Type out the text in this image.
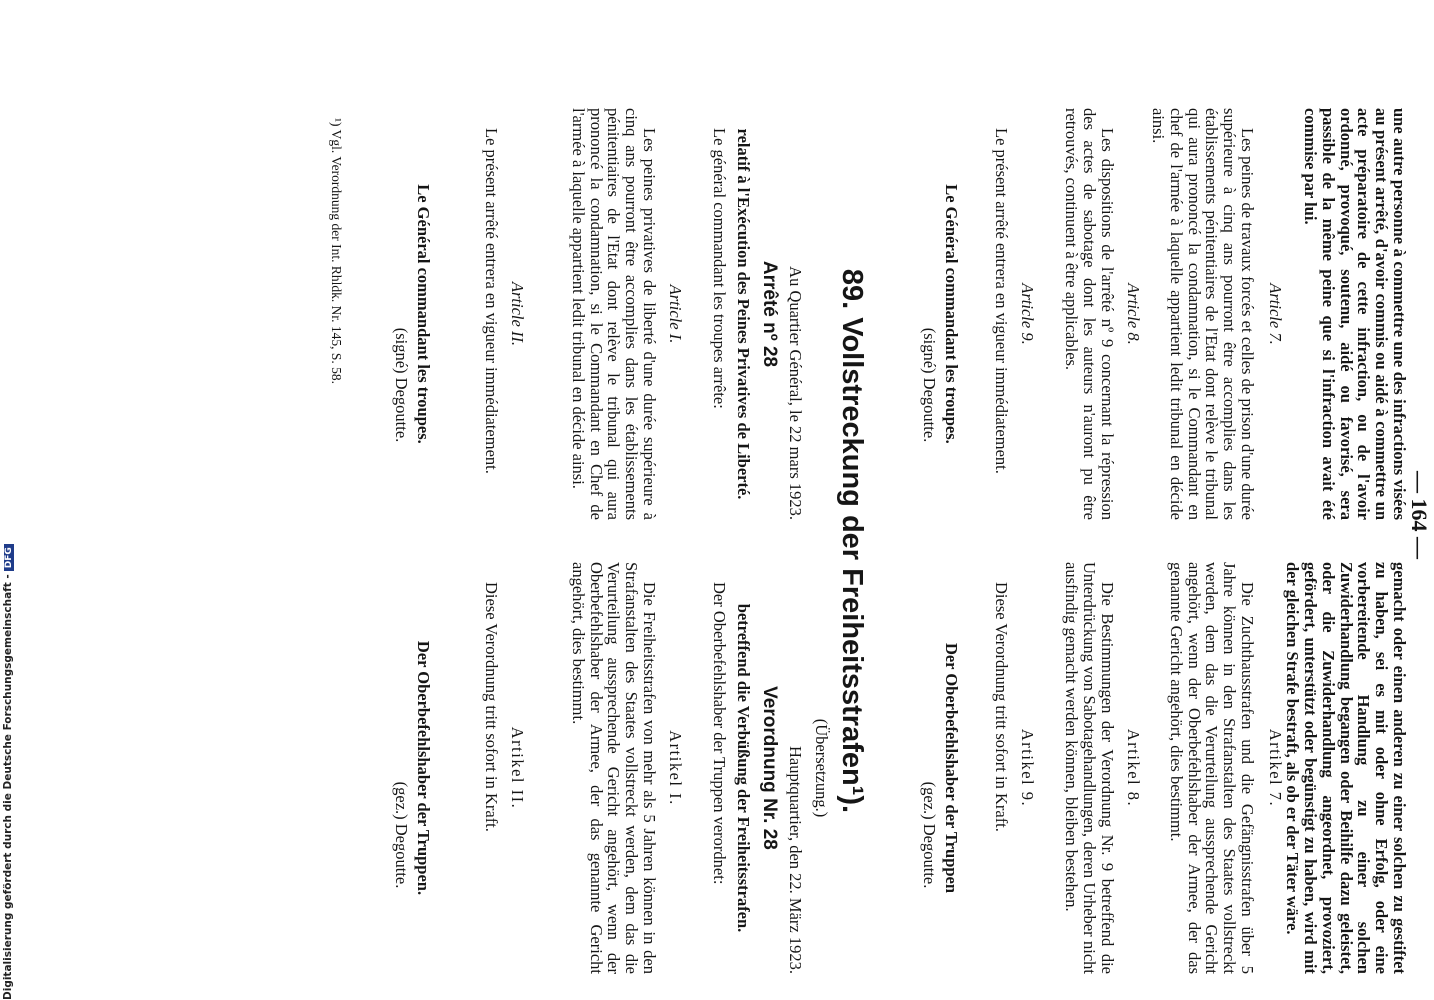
— 164 —

une autre personne à commettre une des infractions visées au présent arrêté, d'avoir commis ou aidé à commettre un acte préparatoire de cette infraction, ou de l'avoir ordonné, provoqué, soutenu, aidé ou favorisé, sera passible de la même peine que si l'infraction avait été commise par lui.

gemacht oder einen anderen zu einer solchen zu gestiftet zu haben, sei es mit oder ohne Erfolg, oder eine vorbereitende Handlung zu einer solchen Zuwiderhandlung begangen oder Beihilfe dazu geleistet, oder die Zuwiderhandlung angeordnet, provoziert, gefördert, unterstützt oder begünstigt zu haben, wird mit der gleichen Strafe bestraft, als ob er der Täter wäre.

Article 7.
Artikel 7.

Les peines de travaux forcés et celles de prison d'une durée supérieure à cinq ans pourront être accomplies dans les établissements pénitentiaires de l'Etat dont relève le tribunal qui aura prononcé la condamnation, si le Commandant en chef de l'armée à laquelle appartient ledit tribunal en décide ainsi.

Die Zuchthausstrafen und die Gefängnisstrafen über 5 Jahre können in den Strafanstalten des Staates vollstreckt werden, dem das die Verurteilung aussprechende Gericht angehört, wenn der Oberbefehlshaber der Armee, der das genannte Gericht angehört, dies bestimmt.

Article 8.
Artikel 8.

Les dispositions de l'arrêté nº 9 concernant la répression des actes de sabotage dont les auteurs n'auront pu être retrouvés, continuent à être applicables.

Die Bestimmungen der Verordnung Nr. 9 betreffend die Unterdrückung von Sabotagehandlungen, deren Urheber nicht ausfindig gemacht werden können, bleiben bestehen.

Article 9.
Artikel 9.

Le présent arrêté entrera en vigueur immédiatement.

Diese Verordnung tritt sofort in Kraft.

Le Général commandant les troupes.
(signé) Degoutte.
Der Oberbefehlshaber der Truppen
(gez.) Degoutte.
89. Vollstreckung der Freiheitsstrafen¹).
(Übersetzung.)
Au Quartier Général, le 22 mars 1923.
Hauptquartier, den 22. März 1923.
Arrêté nº 28
Verordnung Nr. 28
relatif à l'Exécution des Peines Privatives de Liberté.
betreffend die Verbüßung der Freiheitsstrafen.
Le général commandant les troupes arrête:
Der Oberbefehlshaber der Truppen verordnet:
Article I.
Artikel I.

Les peines privatives de liberté d'une durée supérieure à cinq ans pourront être accomplies dans les établissements pénitentiaires de l'Etat dont relève le tribunal qui aura prononcé la condamnation, si le Commandant en Chef de l'armée à laquelle appartient ledit tribunal en décide ainsi.

Die Freiheitsstrafen von mehr als 5 Jahren können in den Strafanstalten des Staates vollstreckt werden, dem das die Verurteilung aussprechende Gericht angehört, wenn der Oberbefehlshaber der Armee, der das genannte Gericht angehört, dies bestimmt.

Article II.
Artikel II.

Le présent arrêté entrera en vigueur immédiatement.

Diese Verordnung tritt sofort in Kraft.

Le Général commandant les troupes.
(signé) Degoutte.
Der Oberbefehlshaber der Truppen.
(gez.) Degoutte.
¹) Vgl. Verordnung der Int. Rhldk. Nr. 145, S. 58.
Digitalisierung gefördert durch die Deutsche Forschungsgemeinschaft -DFG
